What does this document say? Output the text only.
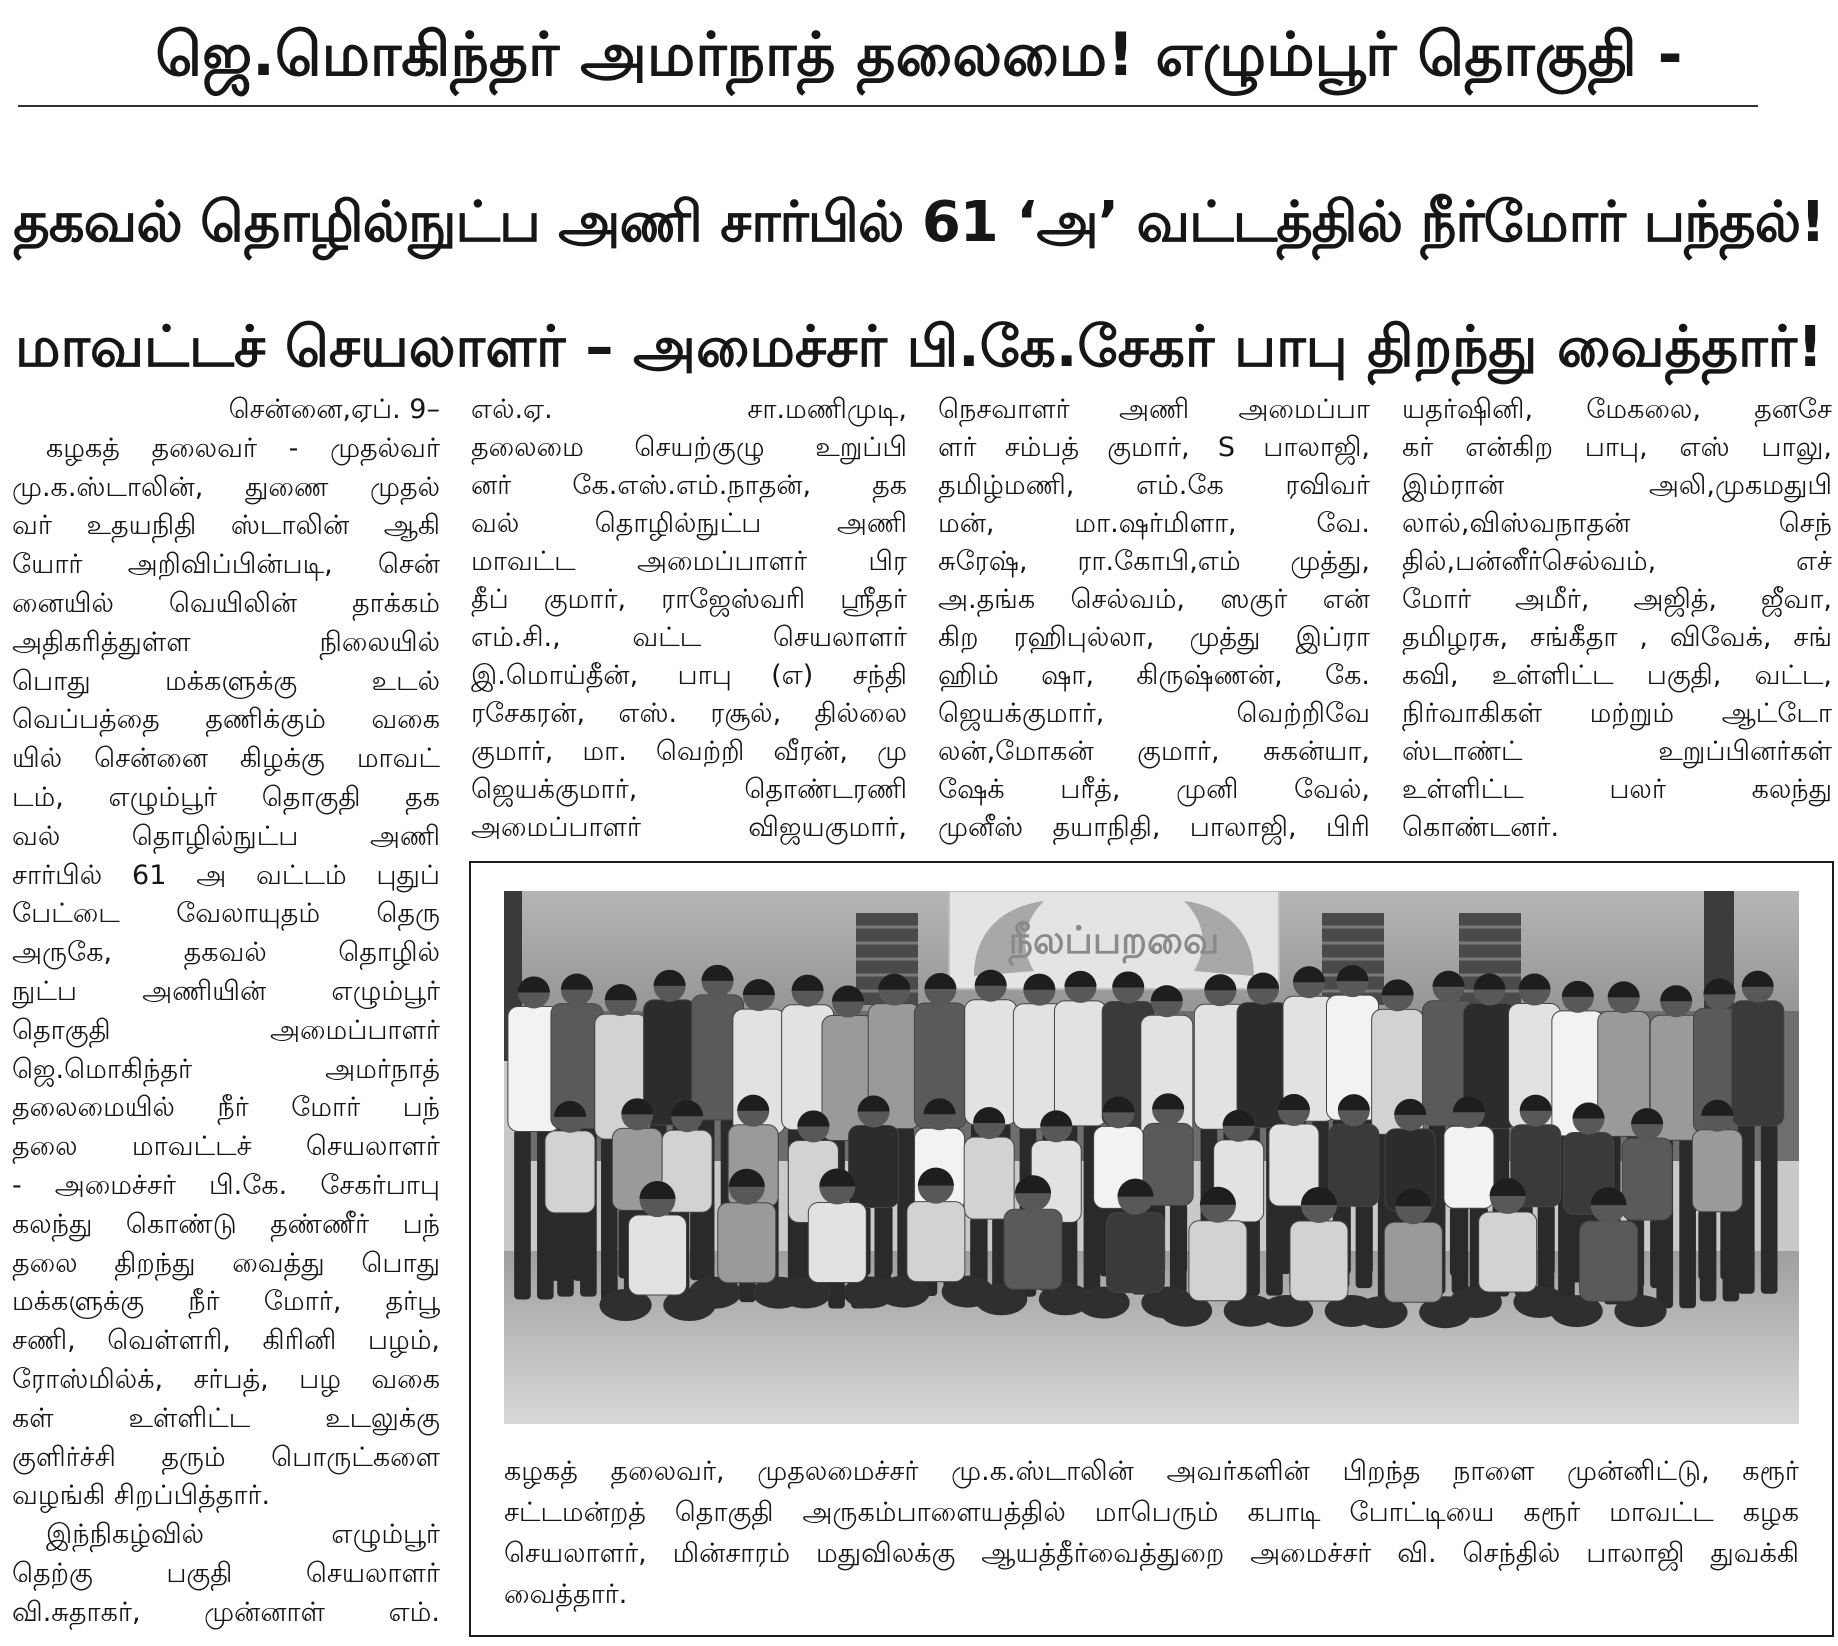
ஜெ.மொகிந்தர் அமர்நாத் தலைமை! எழும்பூர் தொகுதி -
தகவல் தொழில்நுட்ப அணி சார்பில் 61 ‘அ’ வட்டத்தில் நீர்மோர் பந்தல்!
மாவட்டச் செயலாளர் – அமைச்சர் பி.கே.சேகர் பாபு திறந்து வைத்தார்!
சென்னை,ஏப். 9–
கழகத் தலைவர் - முதல்வர்
மு.க.ஸ்டாலின், துணை முதல்
வர் உதயநிதி ஸ்டாலின் ஆகி
யோர் அறிவிப்பின்படி, சென்
னையில் வெயிலின் தாக்கம்
அதிகரித்துள்ள நிலையில்
பொது மக்களுக்கு உடல்
வெப்பத்தை தணிக்கும் வகை
யில் சென்னை கிழக்கு மாவட்
டம், எழும்பூர் தொகுதி தக
வல் தொழில்நுட்ப அணி
சார்பில் 61 அ வட்டம் புதுப்
பேட்டை வேலாயுதம் தெரு
அருகே, தகவல் தொழில்
நுட்ப அணியின் எழும்பூர்
தொகுதி அமைப்பாளர்
ஜெ.மொகிந்தர் அமர்நாத்
தலைமையில் நீர் மோர் பந்
தலை மாவட்டச் செயலாளர்
- அமைச்சர் பி.கே. சேகர்பாபு
கலந்து கொண்டு தண்ணீர் பந்
தலை திறந்து வைத்து பொது
மக்களுக்கு நீர் மோர், தர்பூ
சணி, வெள்ளரி, கிரினி பழம்,
ரோஸ்மில்க், சர்பத், பழ வகை
கள் உள்ளிட்ட உடலுக்கு
குளிர்ச்சி தரும் பொருட்களை
வழங்கி சிறப்பித்தார்.
இந்நிகழ்வில் எழும்பூர்
தெற்கு பகுதி செயலாளர்
வி.சுதாகர், முன்னாள் எம்.
எல்.ஏ. சா.மணிமுடி,
தலைமை செயற்குழு உறுப்பி
னர் கே.எஸ்.எம்.நாதன், தக
வல் தொழில்நுட்ப அணி
மாவட்ட அமைப்பாளர் பிர
தீப் குமார், ராஜேஸ்வரி ஸ்ரீதர்
எம்.சி., வட்ட செயலாளர்
இ.மொய்தீன், பாபு (எ) சந்தி
ரசேகரன், எஸ். ரசூல், தில்லை
குமார், மா. வெற்றி வீரன், மு
ஜெயக்குமார், தொண்டரணி
அமைப்பாளர் விஜயகுமார்,
நெசவாளர் அணி அமைப்பா
ளர் சம்பத் குமார், S பாலாஜி,
தமிழ்மணி, எம்.கே ரவிவர்
மன், மா.ஷர்மிளா, வே.
சுரேஷ், ரா.கோபி,எம் முத்து,
அ.தங்க செல்வம், ஸகுர் என்
கிற ரஹிபுல்லா, முத்து இப்ரா
ஹிம் ஷா, கிருஷ்ணன், கே.
ஜெயக்குமார், வெற்றிவே
லன்,மோகன் குமார், சுகன்யா,
ஷேக் பரீத், முனி வேல்,
முனீஸ் தயாநிதி, பாலாஜி, பிரி
யதர்ஷினி, மேகலை, தனசே
கர் என்கிற பாபு, எஸ் பாலு,
இம்ரான் அலி,முகமதுபி
லால்,விஸ்வநாதன் செந்
தில்,பன்னீர்செல்வம், எச்
மோர் அமீர், அஜித், ஜீவா,
தமிழரசு, சங்கீதா , விவேக், சங்
கவி, உள்ளிட்ட பகுதி, வட்ட,
நிர்வாகிகள் மற்றும் ஆட்டோ
ஸ்டாண்ட் உறுப்பினர்கள்
உள்ளிட்ட பலர் கலந்து
கொண்டனர்.
நீலப்பறவை
கழகத் தலைவர், முதலமைச்சர் மு.க.ஸ்டாலின் அவர்களின் பிறந்த நாளை முன்னிட்டு, கரூர்
சட்டமன்றத் தொகுதி அருகம்பாளையத்தில் மாபெரும் கபாடி போட்டியை கரூர் மாவட்ட கழக
செயலாளர், மின்சாரம் மதுவிலக்கு ஆயத்தீர்வைத்துறை அமைச்சர் வி. செந்தில் பாலாஜி துவக்கி
வைத்தார்.
